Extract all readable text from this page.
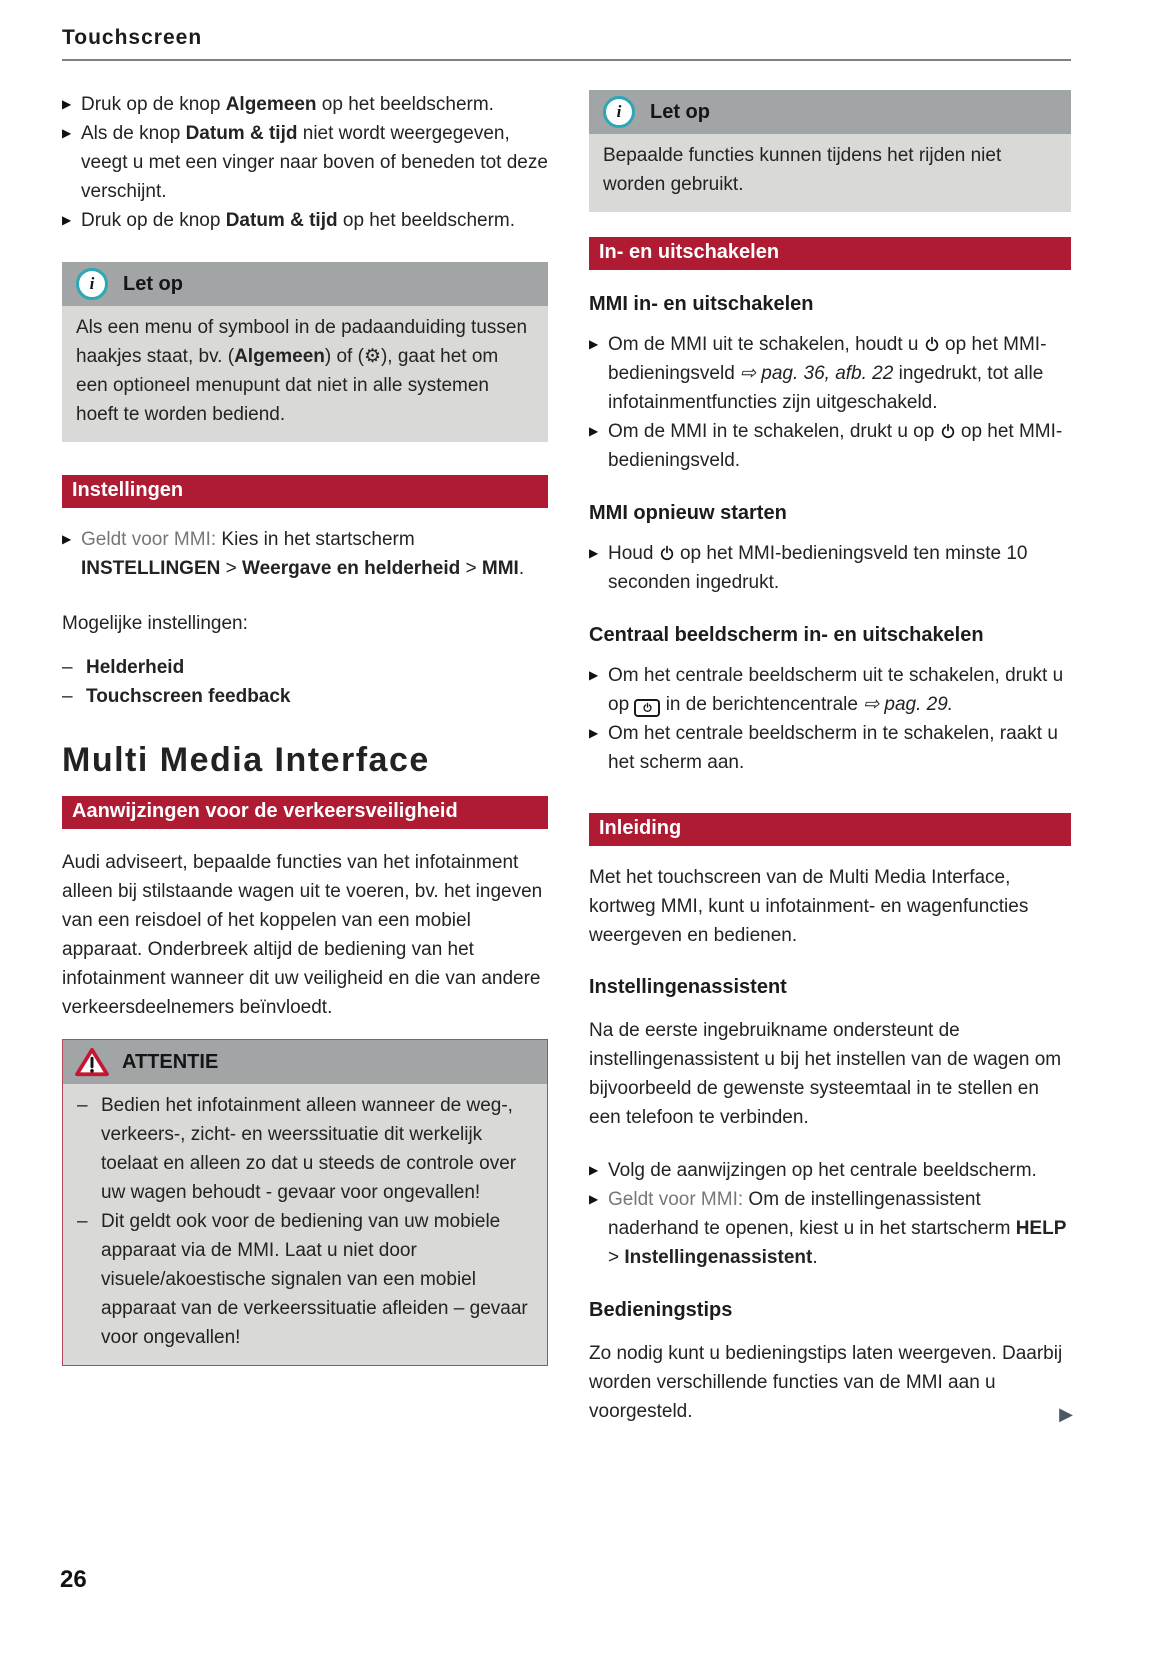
Touchscreen
▶ Druk op de knop Algemeen op het beeldscherm.
▶ Als de knop Datum & tijd niet wordt weergegeven, veegt u met een vinger naar boven of beneden tot deze verschijnt.
▶ Druk op de knop Datum & tijd op het beeldscherm.
i	Let op
Als een menu of symbool in de padaanduiding tussen haakjes staat, bv. (Algemeen) of (⚙), gaat het om een optioneel menupunt dat niet in alle systemen hoeft te worden bediend.
Instellingen
▶ Geldt voor MMI: Kies in het startscherm INSTELLINGEN > Weergave en helderheid > MMI.

Mogelijke instellingen:

– Helderheid
– Touchscreen feedback
Multi Media Interface
Aanwijzingen voor de verkeersveiligheid

Audi adviseert, bepaalde functies van het infotainment alleen bij stilstaande wagen uit te voeren, bv. het ingeven van een reisdoel of het koppelen van een mobiel apparaat. Onderbreek altijd de bediening van het infotainment wanneer dit uw veiligheid en die van andere verkeersdeelnemers beïnvloedt.

ATTENTIE
– Bedien het infotainment alleen wanneer de weg-, verkeers-, zicht- en weerssituatie dit werkelijk toelaat en alleen zo dat u steeds de controle over uw wagen behoudt - gevaar voor ongevallen!
– Dit geldt ook voor de bediening van uw mobiele apparaat via de MMI. Laat u niet door visuele/akoestische signalen van een mobiel apparaat van de verkeerssituatie afleiden – gevaar voor ongevallen!
i	Let op
Bepaalde functies kunnen tijdens het rijden niet worden gebruikt.
In- en uitschakelen
MMI in- en uitschakelen
▶ Om de MMI uit te schakelen, houdt u  op het MMI-bedieningsveld ⇨ pag. 36, afb. 22 ingedrukt, tot alle infotainmentfuncties zijn uitgeschakeld.
▶ Om de MMI in te schakelen, drukt u op  op het MMI-bedieningsveld.
MMI opnieuw starten
▶ Houd  op het MMI-bedieningsveld ten minste 10 seconden ingedrukt.
Centraal beeldscherm in- en uitschakelen
▶ Om het centrale beeldscherm uit te schakelen, drukt u op
in de berichtencentrale ⇨ pag. 29.
▶ Om het centrale beeldscherm in te schakelen, raakt u het scherm aan.
Inleiding

Met het touchscreen van de Multi Media Interface, kortweg MMI, kunt u infotainment- en wagenfuncties weergeven en bedienen.

Instellingenassistent

Na de eerste ingebruikname ondersteunt de instellingenassistent u bij het instellen van de wagen om bijvoorbeeld de gewenste systeemtaal in te stellen en een telefoon te verbinden.

▶ Volg de aanwijzingen op het centrale beeldscherm.
▶ Geldt voor MMI: Om de instellingenassistent naderhand te openen, kiest u in het startscherm HELP > Instellingenassistent.
Bedieningstips

Zo nodig kunt u bedieningstips laten weergeven. Daarbij worden verschillende functies van de MMI aan u voorgesteld.	▶

26
